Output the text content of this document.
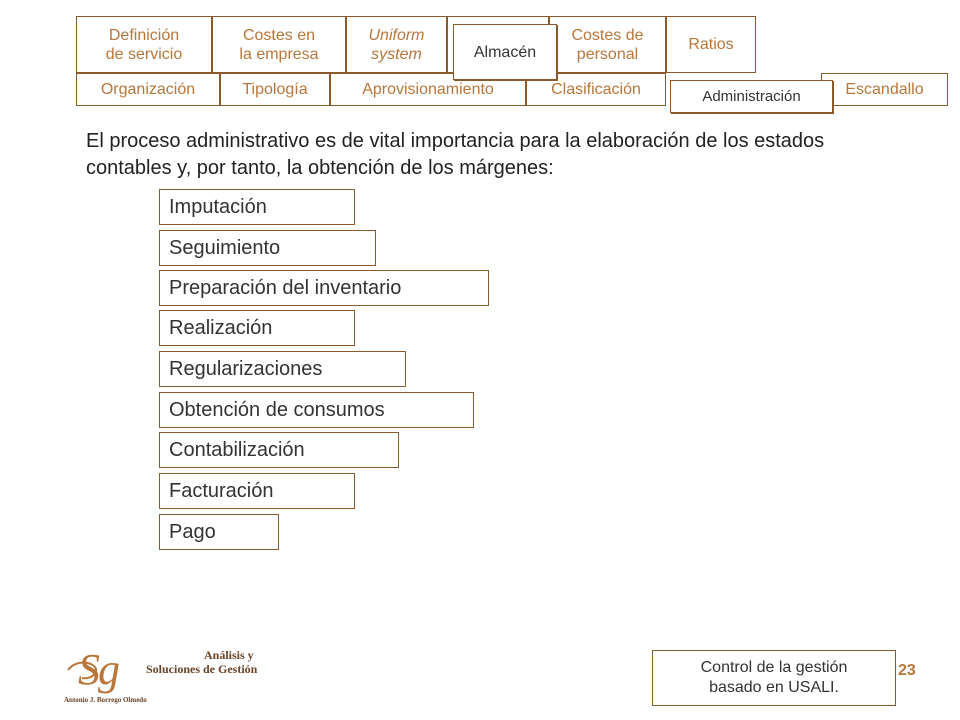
Definición
de servicio
Costes en
la empresa
Uniform
system	Almacén
Costes de
personal
Ratios
Organización	Tipología	Aprovisionamiento	Clasificación	Escandallo
Administración
El proceso administrativo es de vital importancia para la elaboración de los estados contables y, por tanto, la obtención de los márgenes:
Imputación
Seguimiento
Preparación del inventario
Realización
Regularizaciones
Obtención de consumos
Contabilización
Facturación
Pago
Sg	Análisis y
Soluciones de Gestión
Antonio J. Borrego Olmedo
Control de la gestión basado en USALI.
23
